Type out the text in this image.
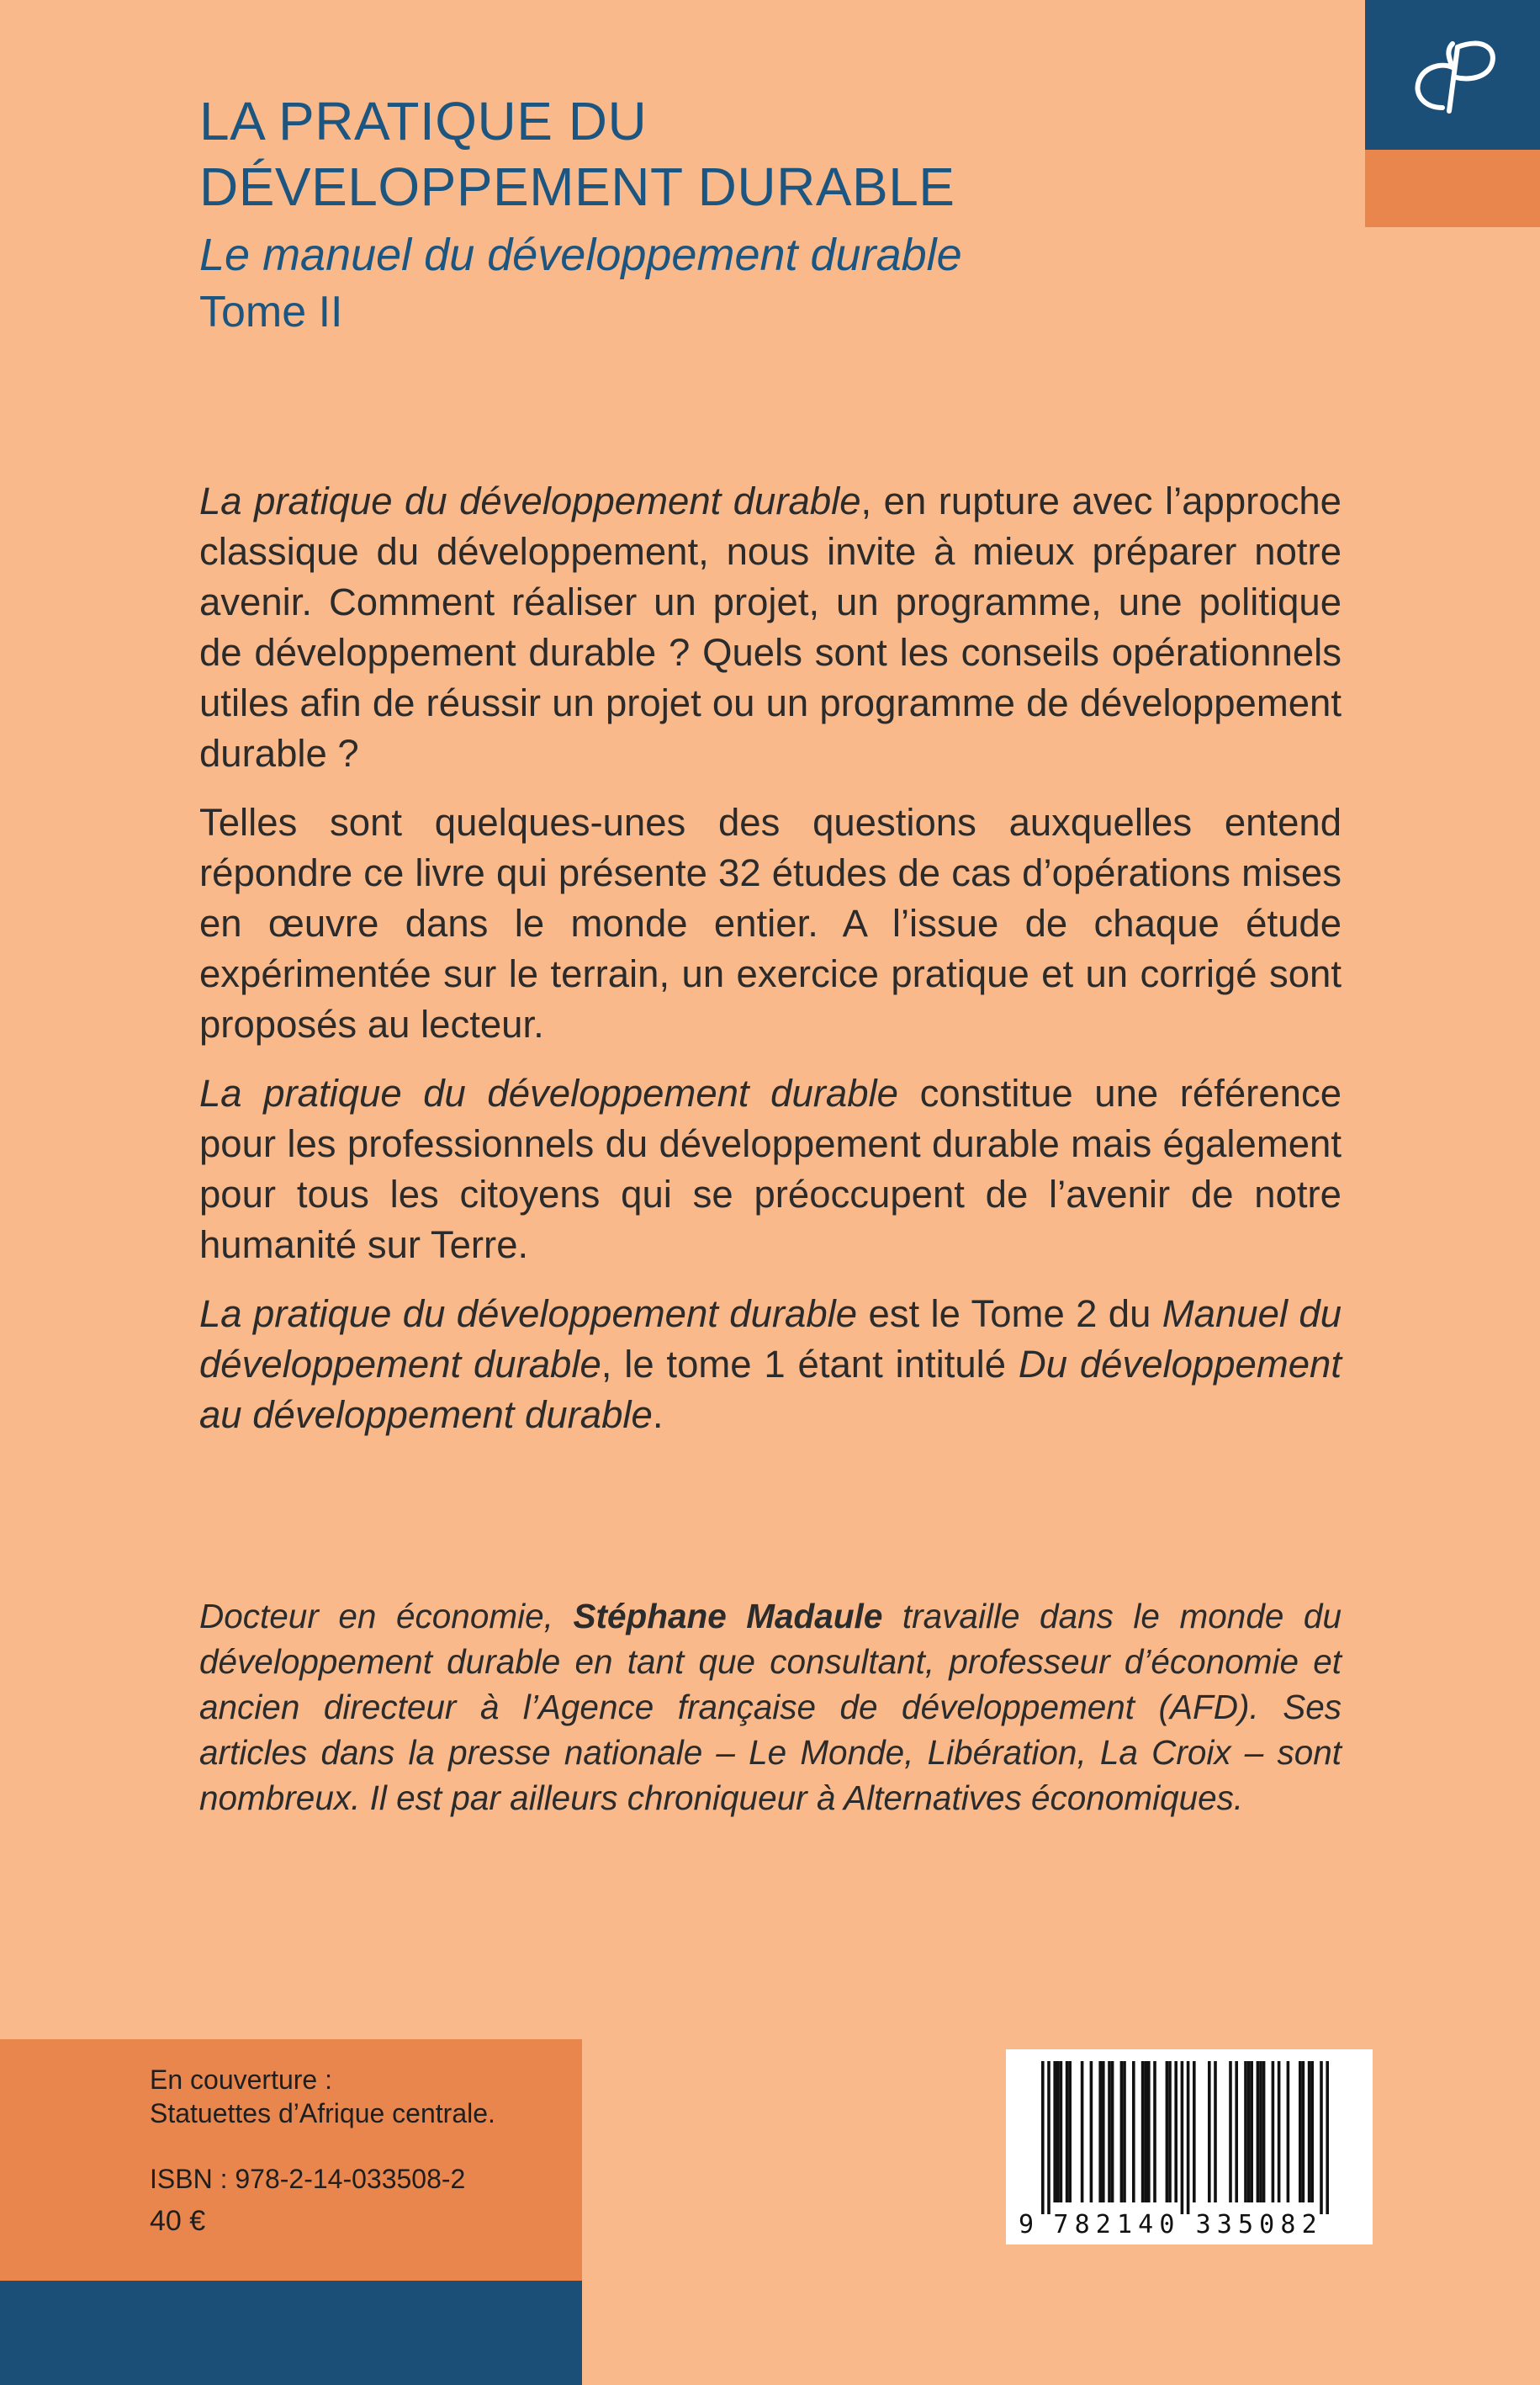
LA PRATIQUE DU
DÉVELOPPEMENT DURABLE

Le manuel du développement durable

Tome II

La pratique du développement durable, en rupture avec l’approche classique du développement, nous invite à mieux préparer notre avenir. Comment réaliser un projet, un programme, une politique de développement durable ? Quels sont les conseils opérationnels utiles afin de réussir un projet ou un programme de développement durable ?

Telles sont quelques-unes des questions auxquelles entend répondre ce livre qui présente 32 études de cas d’opérations mises en œuvre dans le monde entier. A l’issue de chaque étude expérimentée sur le terrain, un exercice pratique et un corrigé sont proposés au lecteur.

La pratique du développement durable constitue une référence pour les professionnels du développement durable mais également pour tous les citoyens qui se préoccupent de l’avenir de notre humanité sur Terre.

La pratique du développement durable est le Tome 2 du Manuel du développement durable, le tome 1 étant intitulé Du développement au développement durable.

Docteur en économie, Stéphane Madaule travaille dans le monde du développement durable en tant que consultant, professeur d’économie et ancien directeur à l’Agence française de développement (AFD). Ses articles dans la presse nationale – Le Monde, Libération, La Croix – sont nombreux. Il est par ailleurs chroniqueur à Alternatives économiques.

En couverture :

Statuettes d’Afrique centrale.

ISBN : 978-2-14-033508-2

40 €	9 7 8 2 1 4 0 3 3 5 0 8 2
